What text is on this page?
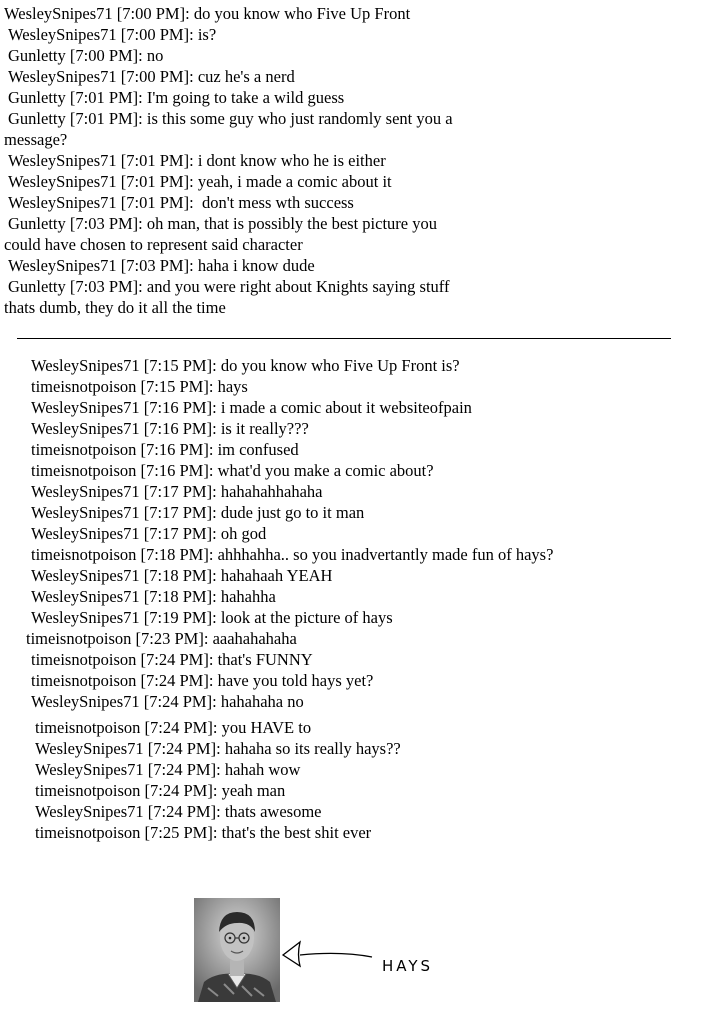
WesleySnipes71 [7:00 PM]: do you know who Five Up Front
WesleySnipes71 [7:00 PM]: is?
Gunletty [7:00 PM]: no
WesleySnipes71 [7:00 PM]: cuz he's a nerd
Gunletty [7:01 PM]: I'm going to take a wild guess
Gunletty [7:01 PM]: is this some guy who just randomly sent you a
message?
WesleySnipes71 [7:01 PM]: i dont know who he is either
WesleySnipes71 [7:01 PM]: yeah, i made a comic about it
WesleySnipes71 [7:01 PM]:  don't mess wth success
Gunletty [7:03 PM]: oh man, that is possibly the best picture you
could have chosen to represent said character
WesleySnipes71 [7:03 PM]: haha i know dude
Gunletty [7:03 PM]: and you were right about Knights saying stuff
thats dumb, they do it all the time
WesleySnipes71 [7:15 PM]: do you know who Five Up Front is?
timeisnotpoison [7:15 PM]: hays
WesleySnipes71 [7:16 PM]: i made a comic about it websiteofpain
WesleySnipes71 [7:16 PM]: is it really???
timeisnotpoison [7:16 PM]: im confused
timeisnotpoison [7:16 PM]: what'd you make a comic about?
WesleySnipes71 [7:17 PM]: hahahahhahaha
WesleySnipes71 [7:17 PM]: dude just go to it man
WesleySnipes71 [7:17 PM]: oh god
timeisnotpoison [7:18 PM]: ahhhahha.. so you inadvertantly made fun of hays?
WesleySnipes71 [7:18 PM]: hahahaah YEAH
WesleySnipes71 [7:18 PM]: hahahha
WesleySnipes71 [7:19 PM]: look at the picture of hays
timeisnotpoison [7:23 PM]: aaahahahaha
timeisnotpoison [7:24 PM]: that's FUNNY
timeisnotpoison [7:24 PM]: have you told hays yet?
WesleySnipes71 [7:24 PM]: hahahaha no
timeisnotpoison [7:24 PM]: you HAVE to
WesleySnipes71 [7:24 PM]: hahaha so its really hays??
WesleySnipes71 [7:24 PM]: hahah wow
timeisnotpoison [7:24 PM]: yeah man
WesleySnipes71 [7:24 PM]: thats awesome
timeisnotpoison [7:25 PM]: that's the best shit ever
HAYS
